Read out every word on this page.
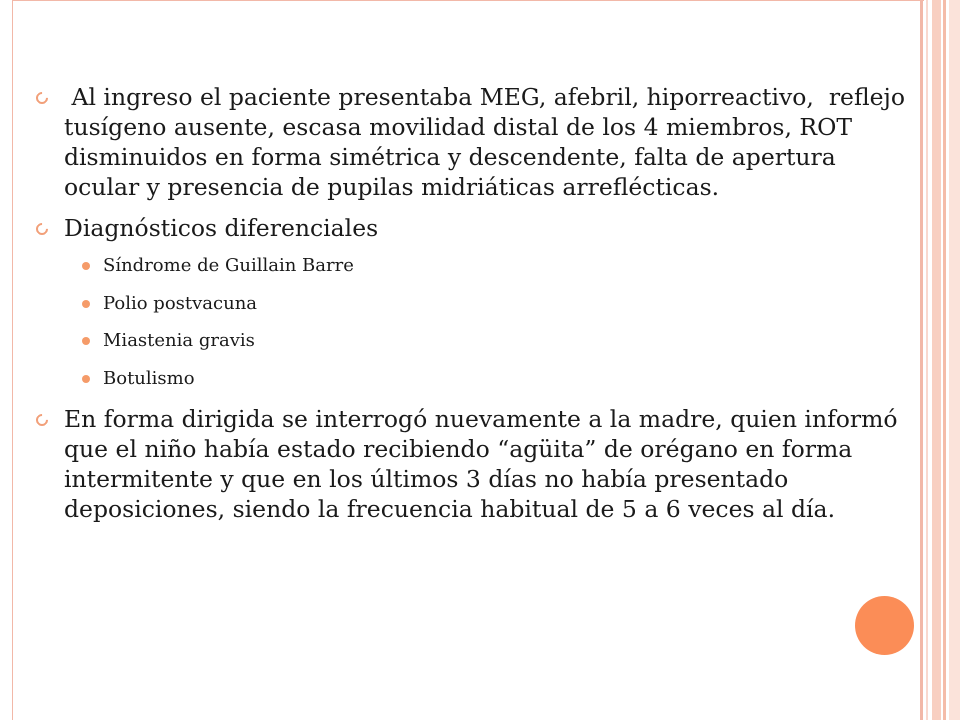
Al ingreso el paciente presentaba MEG, afebril, hiporreactivo,  reflejo tusígeno ausente, escasa movilidad distal de los 4 miembros, ROT disminuidos en forma simétrica y descendente, falta de apertura ocular y presencia de pupilas midriáticas arreflécticas.
Diagnósticos diferenciales
Síndrome de Guillain Barre
Polio postvacuna
Miastenia gravis
Botulismo
En forma dirigida se interrogó nuevamente a la madre, quien informó que el niño había estado recibiendo “agüita” de orégano en forma intermitente y que en los últimos 3 días no había presentado deposiciones, siendo la frecuencia habitual de 5 a 6 veces al día.
